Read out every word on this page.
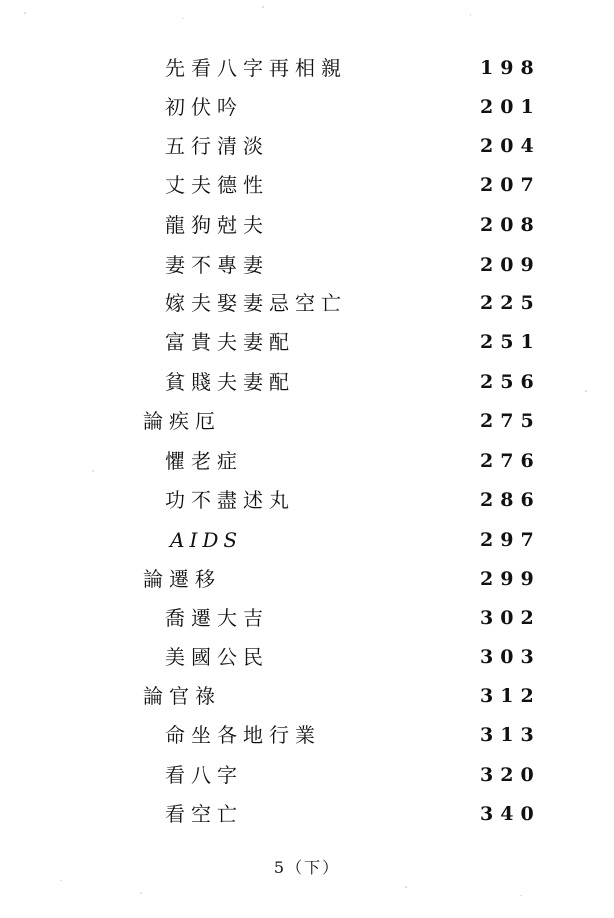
先看八字再相親	198
初伏吟	201
五行清淡	204
丈夫德性	207
龍狗尅夫	208
妻不專妻	209
嫁夫娶妻忌空亡	225
富貴夫妻配	251
貧賤夫妻配	256
論疾厄	275
懼老症	276
功不盡述丸	286
AIDS	297
論遷移	299
喬遷大吉	302
美國公民	303
論官祿	312
命坐各地行業	313
看八字	320
看空亡	340
5（下）
